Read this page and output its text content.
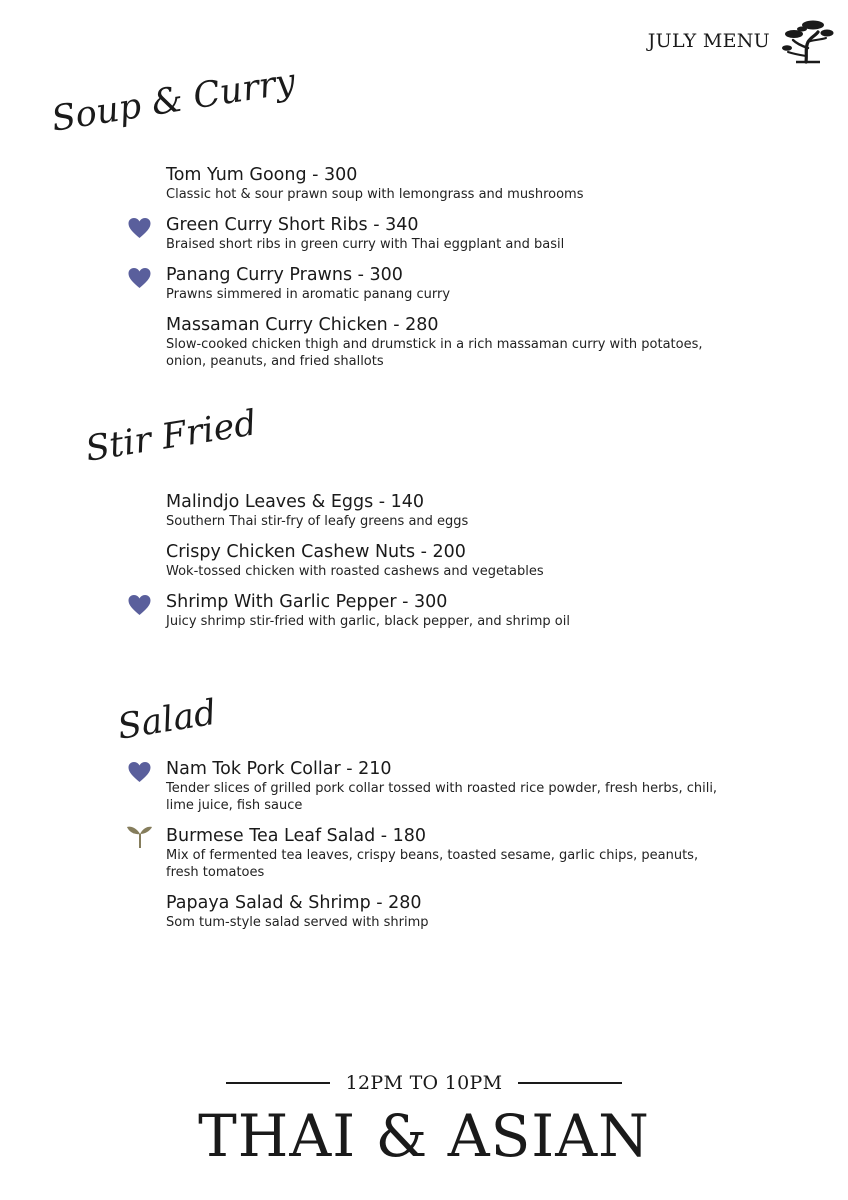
JULY MENU
Soup & Curry
Tom Yum Goong - 300
Classic hot & sour prawn soup with lemongrass and mushrooms
Green Curry Short Ribs - 340
Braised short ribs in green curry with Thai eggplant and basil
Panang Curry Prawns - 300
Prawns simmered in aromatic panang curry
Massaman Curry Chicken - 280
Slow-cooked chicken thigh and drumstick in a rich massaman curry with potatoes, onion, peanuts, and fried shallots
Stir Fried
Malindjo Leaves & Eggs - 140
Southern Thai stir-fry of leafy greens and eggs
Crispy Chicken Cashew Nuts - 200
Wok-tossed chicken with roasted cashews and vegetables
Shrimp With Garlic Pepper - 300
Juicy shrimp stir-fried with garlic, black pepper, and shrimp oil
Salad
Nam Tok Pork Collar - 210
Tender slices of grilled pork collar tossed with roasted rice powder, fresh herbs, chili, lime juice, fish sauce
Burmese Tea Leaf Salad - 180
Mix of fermented tea leaves, crispy beans, toasted sesame, garlic chips, peanuts, fresh tomatoes
Papaya Salad & Shrimp - 280
Som tum-style salad served with shrimp
12PM TO 10PM
THAI & ASIAN
